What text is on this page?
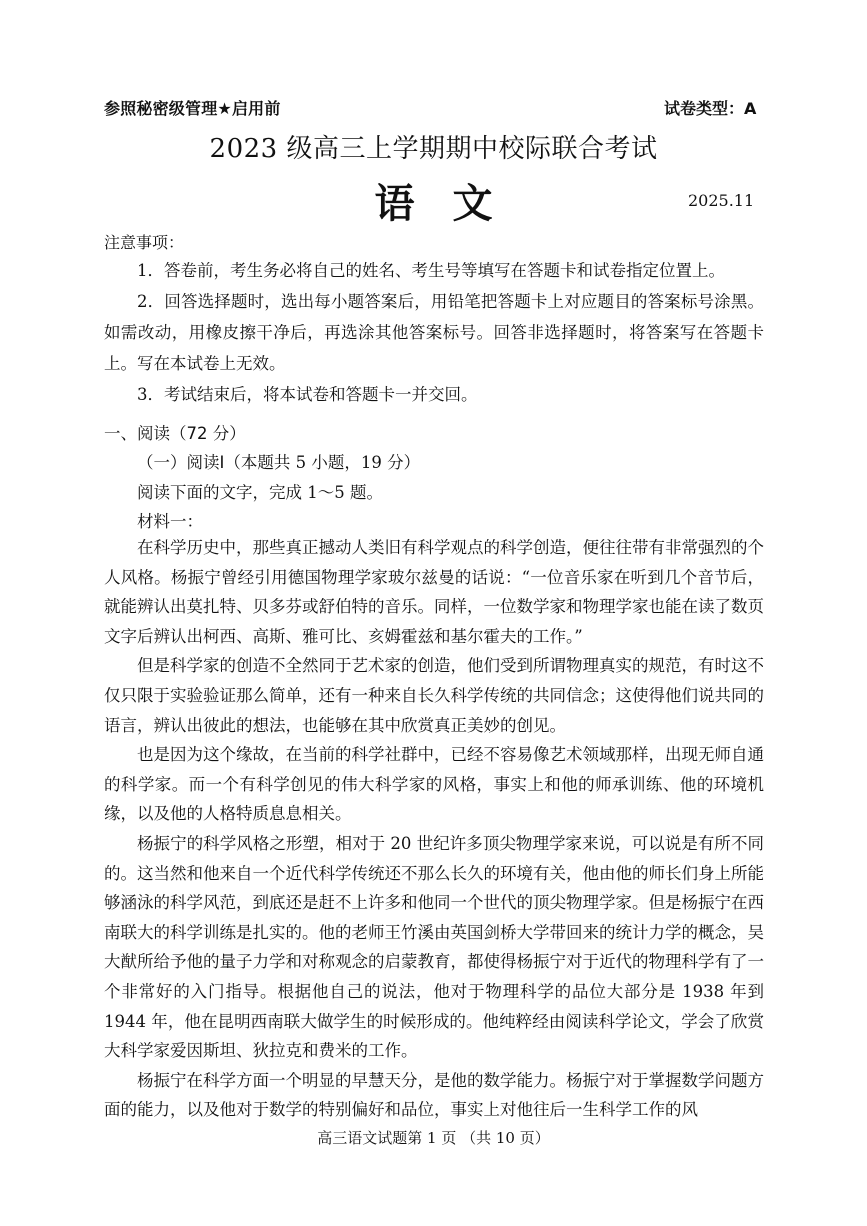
参照秘密级管理★启用前	试卷类型：A
2023 级高三上学期期中校际联合考试
语文	2025.11
注意事项：

1．答卷前，考生务必将自己的姓名、考生号等填写在答题卡和试卷指定位置上。

2．回答选择题时，选出每小题答案后，用铅笔把答题卡上对应题目的答案标号涂黑。如需改动，用橡皮擦干净后，再选涂其他答案标号。回答非选择题时，将答案写在答题卡上。写在本试卷上无效。

3．考试结束后，将本试卷和答题卡一并交回。

一、阅读（72 分）
（一）阅读Ⅰ（本题共 5 小题，19 分）
阅读下面的文字，完成 1～5 题。
材料一：

在科学历史中，那些真正撼动人类旧有科学观点的科学创造，便往往带有非常强烈的个人风格。杨振宁曾经引用德国物理学家玻尔兹曼的话说：“一位音乐家在听到几个音节后，就能辨认出莫扎特、贝多芬或舒伯特的音乐。同样，一位数学家和物理学家也能在读了数页文字后辨认出柯西、高斯、雅可比、亥姆霍兹和基尔霍夫的工作。”

但是科学家的创造不全然同于艺术家的创造，他们受到所谓物理真实的规范，有时这不仅只限于实验验证那么简单，还有一种来自长久科学传统的共同信念；这使得他们说共同的语言，辨认出彼此的想法，也能够在其中欣赏真正美妙的创见。

也是因为这个缘故，在当前的科学社群中，已经不容易像艺术领域那样，出现无师自通的科学家。而一个有科学创见的伟大科学家的风格，事实上和他的师承训练、他的环境机缘，以及他的人格特质息息相关。

杨振宁的科学风格之形塑，相对于 20 世纪许多顶尖物理学家来说，可以说是有所不同的。这当然和他来自一个近代科学传统还不那么长久的环境有关，他由他的师长们身上所能够涵泳的科学风范，到底还是赶不上许多和他同一个世代的顶尖物理学家。但是杨振宁在西南联大的科学训练是扎实的。他的老师王竹溪由英国剑桥大学带回来的统计力学的概念，吴大猷所给予他的量子力学和对称观念的启蒙教育，都使得杨振宁对于近代的物理科学有了一个非常好的入门指导。根据他自己的说法，他对于物理科学的品位大部分是 1938 年到 1944 年，他在昆明西南联大做学生的时候形成的。他纯粹经由阅读科学论文，学会了欣赏大科学家爱因斯坦、狄拉克和费米的工作。

杨振宁在科学方面一个明显的早慧天分，是他的数学能力。杨振宁对于掌握数学问题方面的能力，以及他对于数学的特别偏好和品位，事实上对他往后一生科学工作的风

高三语文试题第 1 页 （共 10 页）
